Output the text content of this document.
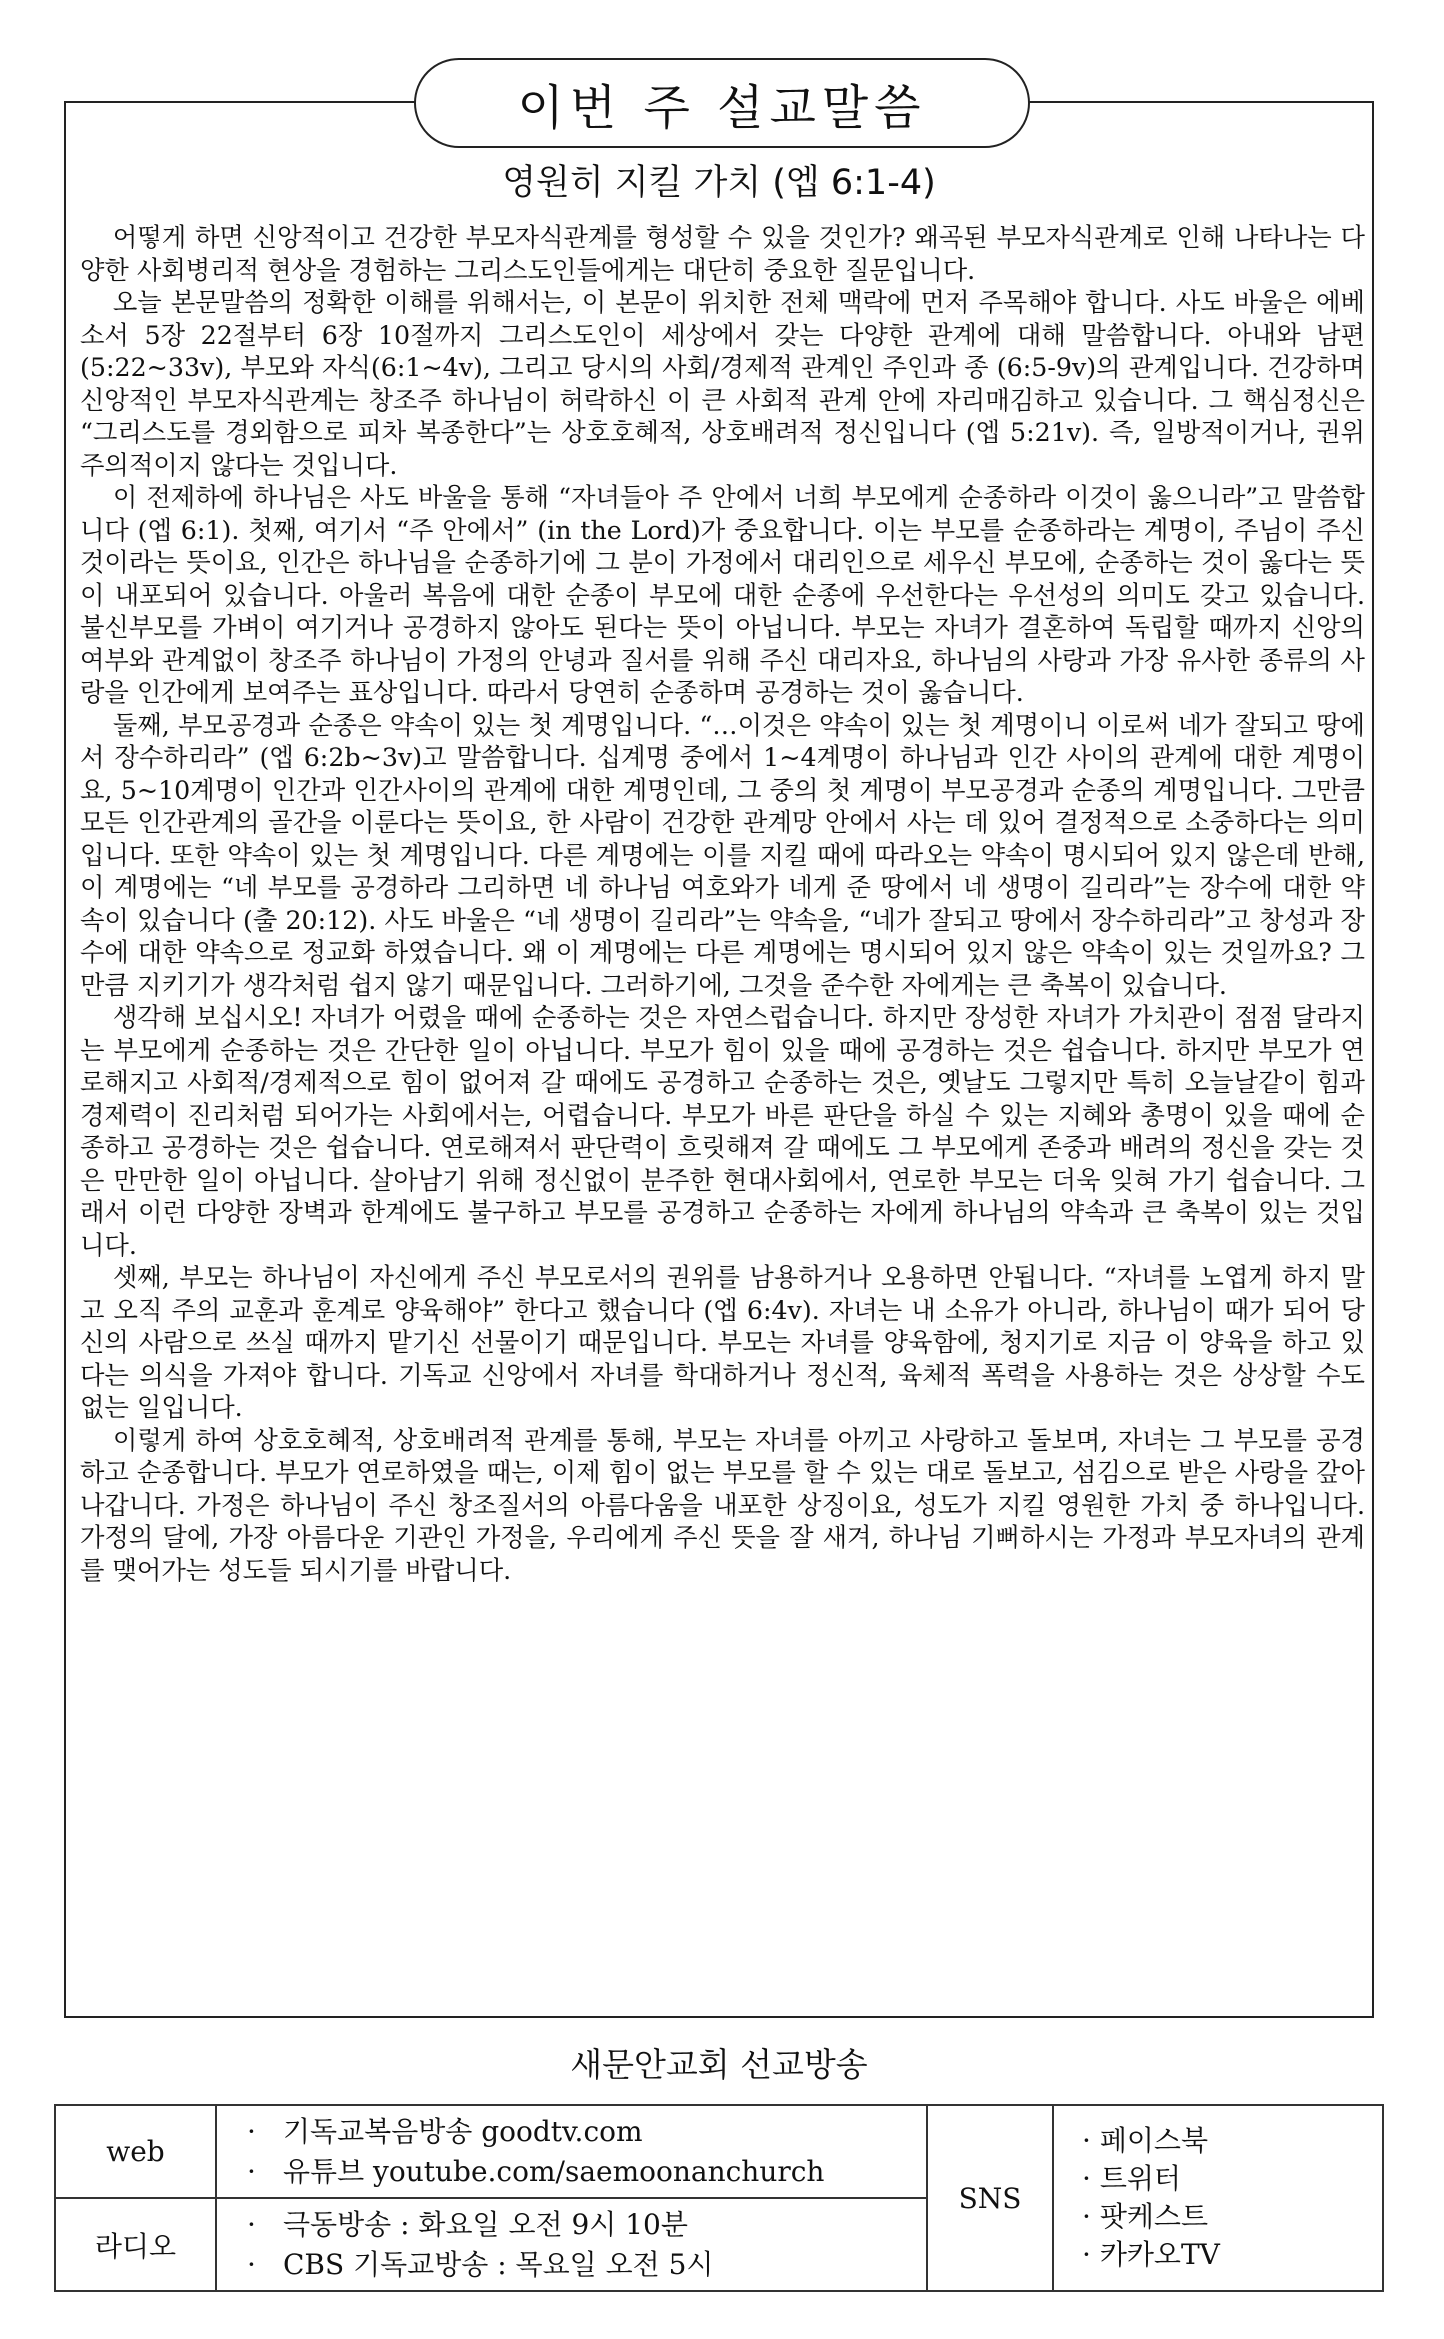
이번 주 설교말씀
영원히 지킬 가치 (엡 6:1-4)

어떻게 하면 신앙적이고 건강한 부모자식관계를 형성할 수 있을 것인가? 왜곡된 부모자식관계로 인해 나타나는 다양한 사회병리적 현상을 경험하는 그리스도인들에게는 대단히 중요한 질문입니다.

오늘 본문말씀의 정확한 이해를 위해서는, 이 본문이 위치한 전체 맥락에 먼저 주목해야 합니다. 사도 바울은 에베소서 5장 22절부터 6장 10절까지 그리스도인이 세상에서 갖는 다양한 관계에 대해 말씀합니다. 아내와 남편 (5:22~33v), 부모와 자식(6:1~4v), 그리고 당시의 사회/경제적 관계인 주인과 종 (6:5-9v)의 관계입니다. 건강하며 신앙적인 부모자식관계는 창조주 하나님이 허락하신 이 큰 사회적 관계 안에 자리매김하고 있습니다. 그 핵심정신은 “그리스도를 경외함으로 피차 복종한다”는 상호호혜적, 상호배려적 정신입니다 (엡 5:21v). 즉, 일방적이거나, 권위주의적이지 않다는 것입니다.

이 전제하에 하나님은 사도 바울을 통해 “자녀들아 주 안에서 너희 부모에게 순종하라 이것이 옳으니라”고 말씀합니다 (엡 6:1). 첫째, 여기서 “주 안에서” (in the Lord)가 중요합니다. 이는 부모를 순종하라는 계명이, 주님이 주신 것이라는 뜻이요, 인간은 하나님을 순종하기에 그 분이 가정에서 대리인으로 세우신 부모에, 순종하는 것이 옳다는 뜻이 내포되어 있습니다. 아울러 복음에 대한 순종이 부모에 대한 순종에 우선한다는 우선성의 의미도 갖고 있습니다. 불신부모를 가벼이 여기거나 공경하지 않아도 된다는 뜻이 아닙니다. 부모는 자녀가 결혼하여 독립할 때까지 신앙의 여부와 관계없이 창조주 하나님이 가정의 안녕과 질서를 위해 주신 대리자요, 하나님의 사랑과 가장 유사한 종류의 사랑을 인간에게 보여주는 표상입니다. 따라서 당연히 순종하며 공경하는 것이 옳습니다.

둘째, 부모공경과 순종은 약속이 있는 첫 계명입니다. “…이것은 약속이 있는 첫 계명이니 이로써 네가 잘되고 땅에서 장수하리라” (엡 6:2b~3v)고 말씀합니다. 십계명 중에서 1~4계명이 하나님과 인간 사이의 관계에 대한 계명이요, 5~10계명이 인간과 인간사이의 관계에 대한 계명인데, 그 중의 첫 계명이 부모공경과 순종의 계명입니다. 그만큼 모든 인간관계의 골간을 이룬다는 뜻이요, 한 사람이 건강한 관계망 안에서 사는 데 있어 결정적으로 소중하다는 의미입니다. 또한 약속이 있는 첫 계명입니다. 다른 계명에는 이를 지킬 때에 따라오는 약속이 명시되어 있지 않은데 반해, 이 계명에는 “네 부모를 공경하라 그리하면 네 하나님 여호와가 네게 준 땅에서 네 생명이 길리라”는 장수에 대한 약속이 있습니다 (출 20:12). 사도 바울은 “네 생명이 길리라”는 약속을, “네가 잘되고 땅에서 장수하리라”고 창성과 장수에 대한 약속으로 정교화 하였습니다. 왜 이 계명에는 다른 계명에는 명시되어 있지 않은 약속이 있는 것일까요? 그만큼 지키기가 생각처럼 쉽지 않기 때문입니다. 그러하기에, 그것을 준수한 자에게는 큰 축복이 있습니다.

생각해 보십시오! 자녀가 어렸을 때에 순종하는 것은 자연스럽습니다. 하지만 장성한 자녀가 가치관이 점점 달라지는 부모에게 순종하는 것은 간단한 일이 아닙니다. 부모가 힘이 있을 때에 공경하는 것은 쉽습니다. 하지만 부모가 연로해지고 사회적/경제적으로 힘이 없어져 갈 때에도 공경하고 순종하는 것은, 옛날도 그렇지만 특히 오늘날같이 힘과 경제력이 진리처럼 되어가는 사회에서는, 어렵습니다. 부모가 바른 판단을 하실 수 있는 지혜와 총명이 있을 때에 순종하고 공경하는 것은 쉽습니다. 연로해져서 판단력이 흐릿해져 갈 때에도 그 부모에게 존중과 배려의 정신을 갖는 것은 만만한 일이 아닙니다. 살아남기 위해 정신없이 분주한 현대사회에서, 연로한 부모는 더욱 잊혀 가기 쉽습니다. 그래서 이런 다양한 장벽과 한계에도 불구하고 부모를 공경하고 순종하는 자에게 하나님의 약속과 큰 축복이 있는 것입니다.

셋째, 부모는 하나님이 자신에게 주신 부모로서의 권위를 남용하거나 오용하면 안됩니다. “자녀를 노엽게 하지 말고 오직 주의 교훈과 훈계로 양육해야” 한다고 했습니다 (엡 6:4v). 자녀는 내 소유가 아니라, 하나님이 때가 되어 당신의 사람으로 쓰실 때까지 맡기신 선물이기 때문입니다. 부모는 자녀를 양육함에, 청지기로 지금 이 양육을 하고 있다는 의식을 가져야 합니다. 기독교 신앙에서 자녀를 학대하거나 정신적, 육체적 폭력을 사용하는 것은 상상할 수도 없는 일입니다.

이렇게 하여 상호호혜적, 상호배려적 관계를 통해, 부모는 자녀를 아끼고 사랑하고 돌보며, 자녀는 그 부모를 공경하고 순종합니다. 부모가 연로하였을 때는, 이제 힘이 없는 부모를 할 수 있는 대로 돌보고, 섬김으로 받은 사랑을 갚아 나갑니다. 가정은 하나님이 주신 창조질서의 아름다움을 내포한 상징이요, 성도가 지킬 영원한 가치 중 하나입니다. 가정의 달에, 가장 아름다운 기관인 가정을, 우리에게 주신 뜻을 잘 새겨, 하나님 기뻐하시는 가정과 부모자녀의 관계를 맺어가는 성도들 되시기를 바랍니다.

새문안교회 선교방송
web	· 기독교복음방송 goodtv.com
· 유튜브 youtube.com/saemoonanchurch	SNS	· 페이스북
· 트위터
· 팟케스트
· 카카오TV

라디오	· 극동방송 : 화요일 오전 9시 10분
· CBS 기독교방송 : 목요일 오전 5시		
